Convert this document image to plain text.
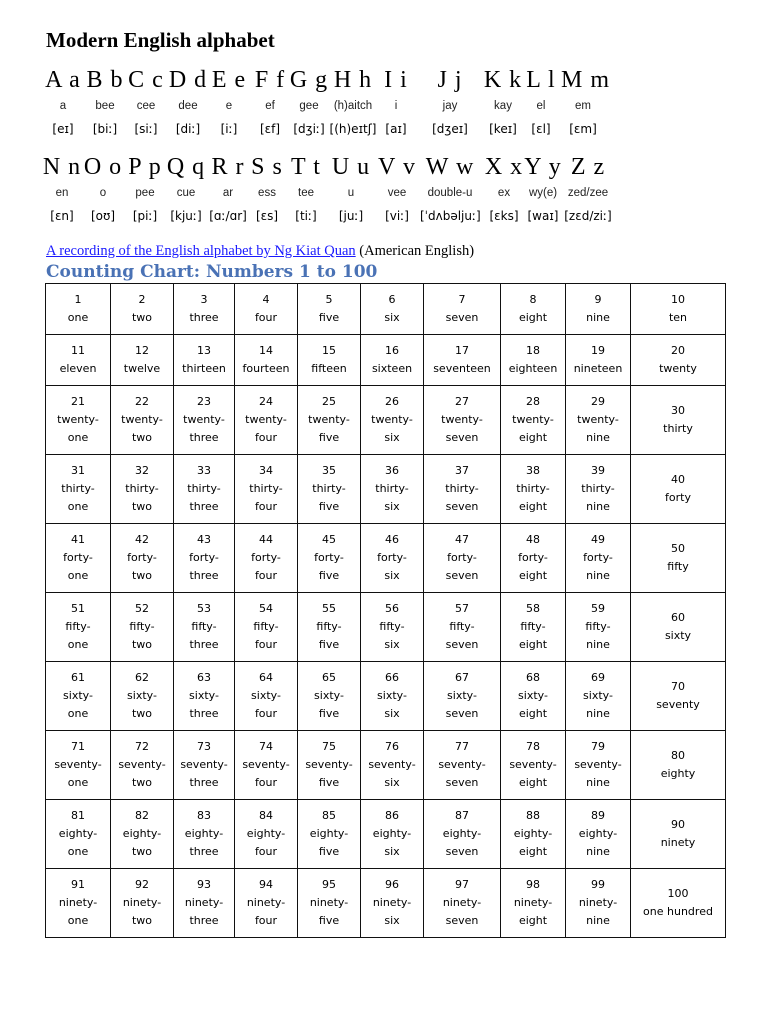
Modern English alphabet
A a
a
[eɪ]
B b
bee
[biː]
C c
cee
[siː]
D d
dee
[diː]
E e
e
[iː]
F f
ef
[ɛf]
G g
gee
[dʒiː]
H h
(h)aitch
[(h)eɪtʃ]
I i
i
[aɪ]
J j
jay
[dʒeɪ]
K k
kay
[keɪ]
L l
el
[ɛl]
M m
em
[ɛm]
N n
en
[ɛn]
O o
o
[oʊ]
P p
pee
[piː]
Q q
cue
[kjuː]
R r
ar
[ɑː/ɑr]
S s
ess
[ɛs]
T t
tee
[tiː]
U u
u
[juː]
V v
vee
[viː]
W w
double-u
[ˈdʌbəljuː]
X x
ex
[ɛks]
Y y
wy(e)
[waɪ]
Z z
zed/zee
[zɛd/ziː]
A recording of the English alphabet by Ng Kiat Quan (American English)
Counting Chart: Numbers 1 to 100
1
one	2
two	3
three	4
four	5
five	6
six	7
seven	8
eight	9
nine	10
ten

11
eleven	12
twelve	13
thirteen	14
fourteen	15
fifteen	16
sixteen	17
seventeen	18
eighteen	19
nineteen	20
twenty

21
twenty-
one	22
twenty-
two	23
twenty-
three	24
twenty-
four	25
twenty-
five	26
twenty-
six	27
twenty-
seven	28
twenty-
eight	29
twenty-
nine	30
thirty

31
thirty-
one	32
thirty-
two	33
thirty-
three	34
thirty-
four	35
thirty-
five	36
thirty-
six	37
thirty-
seven	38
thirty-
eight	39
thirty-
nine	40
forty

41
forty-
one	42
forty-
two	43
forty-
three	44
forty-
four	45
forty-
five	46
forty-
six	47
forty-
seven	48
forty-
eight	49
forty-
nine	50
fifty

51
fifty-
one	52
fifty-
two	53
fifty-
three	54
fifty-
four	55
fifty-
five	56
fifty-
six	57
fifty-
seven	58
fifty-
eight	59
fifty-
nine	60
sixty

61
sixty-
one	62
sixty-
two	63
sixty-
three	64
sixty-
four	65
sixty-
five	66
sixty-
six	67
sixty-
seven	68
sixty-
eight	69
sixty-
nine	70
seventy

71
seventy-
one	72
seventy-
two	73
seventy-
three	74
seventy-
four	75
seventy-
five	76
seventy-
six	77
seventy-
seven	78
seventy-
eight	79
seventy-
nine	80
eighty

81
eighty-
one	82
eighty-
two	83
eighty-
three	84
eighty-
four	85
eighty-
five	86
eighty-
six	87
eighty-
seven	88
eighty-
eight	89
eighty-
nine	90
ninety

91
ninety-
one	92
ninety-
two	93
ninety-
three	94
ninety-
four	95
ninety-
five	96
ninety-
six	97
ninety-
seven	98
ninety-
eight	99
ninety-
nine	100
one hundred
